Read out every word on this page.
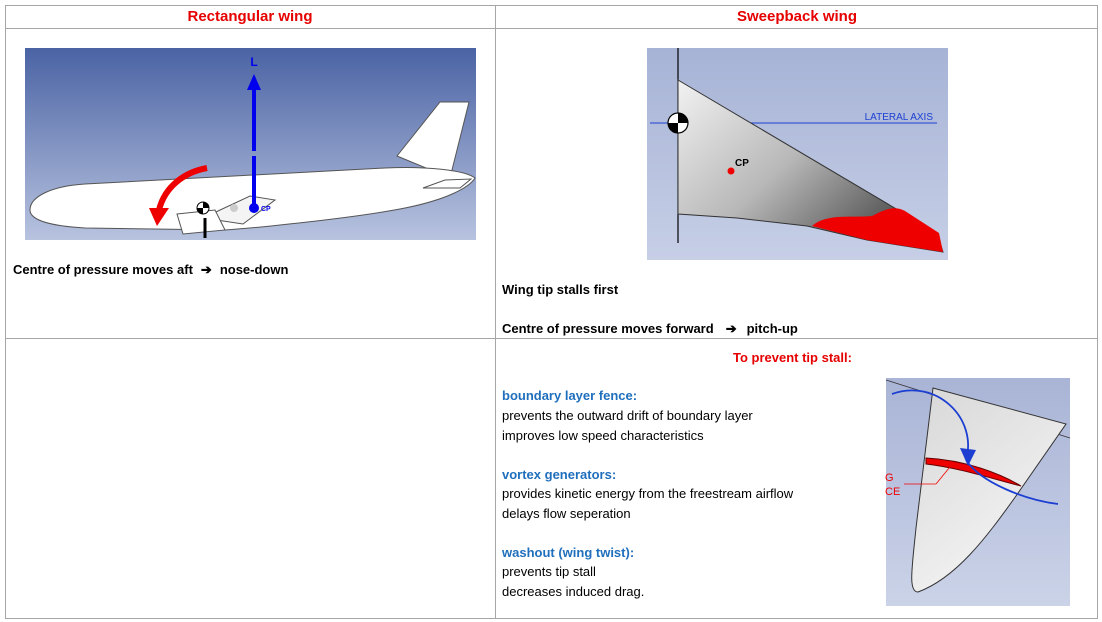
Rectangular wing	Sweepback wing
L
CP
Centre of pressure moves aft ➔ nose-down
CP
LATERAL AXIS
Wing tip stalls first
Centre of pressure moves forward ➔ pitch-up
To prevent tip stall:
boundary layer fence:
prevents the outward drift of boundary layer
improves low speed characteristics
vortex generators:
provides kinetic energy from the freestream airflow
delays flow seperation
washout (wing twist):
prevents tip stall
decreases induced drag.
G
CE
